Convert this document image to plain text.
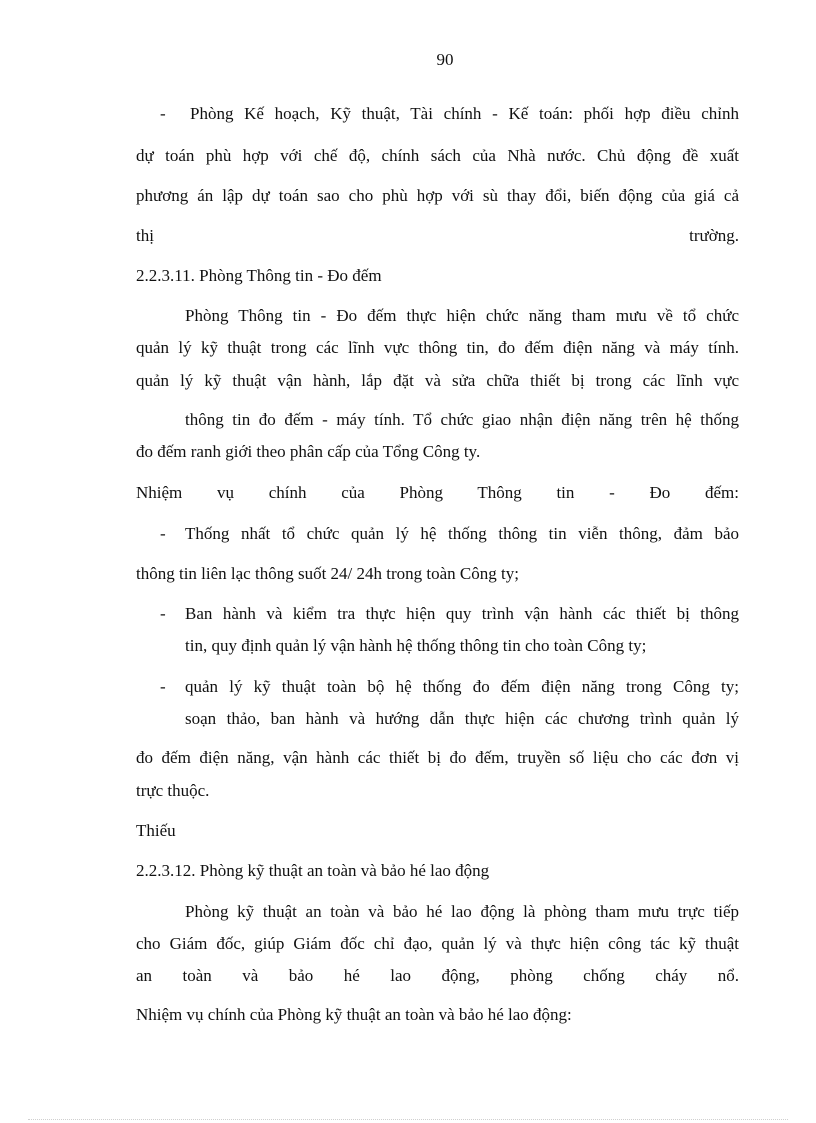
90
- Phòng Kế hoạch, Kỹ thuật, Tài chính - Kế toán: phối hợp điều chỉnh
dự toán phù hợp với chế độ, chính sách của Nhà nước. Chủ động đề xuất
phương án lập dự toán sao cho phù hợp với sù thay đổi, biến động của giá cả
thị trường.
2.2.3.11. Phòng Thông tin - Đo đếm
Phòng Thông tin - Đo đếm thực hiện chức năng tham mưu về tổ chức
quản lý kỹ thuật trong các lĩnh vực thông tin, đo đếm điện năng và máy tính.
quản lý kỹ thuật vận hành, lắp đặt và sửa chữa thiết bị trong các lĩnh vực
thông tin đo đếm - máy tính. Tổ chức giao nhận điện năng trên hệ thống
đo đếm ranh giới theo phân cấp của Tổng Công ty.
Nhiệm vụ chính của Phòng Thông tin - Đo đếm:
- Thống nhất tổ chức quản lý hệ thống thông tin viễn thông, đảm bảo
thông tin liên lạc thông suốt 24/ 24h trong toàn Công ty;
- Ban hành và kiểm tra thực hiện quy trình vận hành các thiết bị thông
tin, quy định quản lý vận hành hệ thống thông tin cho toàn Công ty;
- quản lý kỹ thuật toàn bộ hệ thống đo đếm điện năng trong Công ty;
soạn thảo, ban hành và hướng dẫn thực hiện các chương trình quản lý
đo đếm điện năng, vận hành các thiết bị đo đếm, truyền số liệu cho các đơn vị
trực thuộc.
Thiếu
2.2.3.12. Phòng kỹ thuật an toàn và bảo hé lao động
Phòng kỹ thuật an toàn và bảo hé lao động là phòng tham mưu trực tiếp
cho Giám đốc, giúp Giám đốc chỉ đạo, quản lý và thực hiện công tác kỹ thuật
an toàn và bảo hé lao động, phòng chống cháy nổ.
Nhiệm vụ chính của Phòng kỹ thuật an toàn và bảo hé lao động:
